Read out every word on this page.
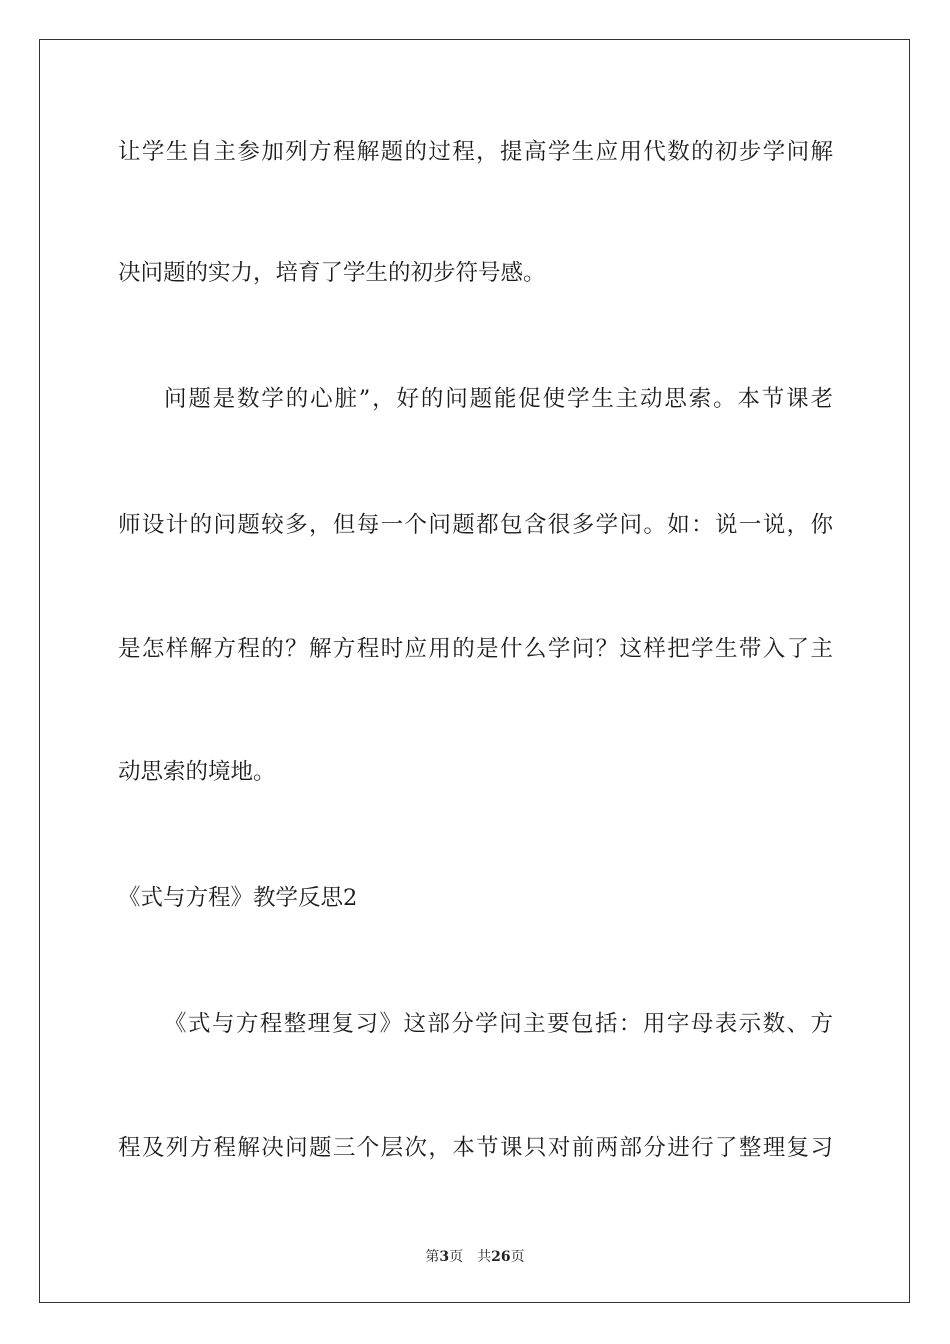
让学生自主参加列方程解题的过程，提高学生应用代数的初步学问解
决问题的实力，培育了学生的初步符号感。
问题是数学的心脏”，好的问题能促使学生主动思索。本节课老
师设计的问题较多，但每一个问题都包含很多学问。如：说一说，你
是怎样解方程的？解方程时应用的是什么学问？这样把学生带入了主
动思索的境地。
《式与方程》教学反思2
《式与方程整理复习》这部分学问主要包括：用字母表示数、方
程及列方程解决问题三个层次，本节课只对前两部分进行了整理复习
第3页 共26页
